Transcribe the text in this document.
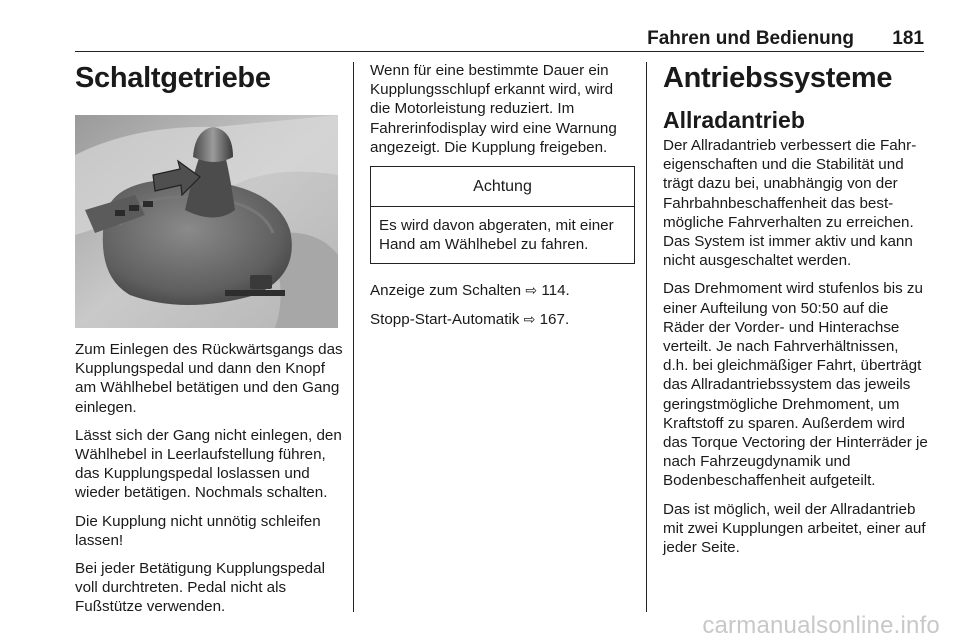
Fahren und Bedienung 181
Schaltgetriebe

Zum Einlegen des Rückwärtsgangs das Kupplungspedal und dann den Knopf am Wählhebel betätigen und den Gang einlegen.

Lässt sich der Gang nicht einlegen, den Wählhebel in Leerlaufstellung führen, das Kupplungspedal loslassen und wieder betätigen. Nochmals schalten.

Die Kupplung nicht unnötig schleifen lassen!

Bei jeder Betätigung Kupplungspedal voll durchtreten. Pedal nicht als Fußstütze verwenden.

Wenn für eine bestimmte Dauer ein Kupplungsschlupf erkannt wird, wird die Motorleistung reduziert. Im Fahrerinfodisplay wird eine Warnung angezeigt. Die Kupplung freigeben.

Achtung
Es wird davon abgeraten, mit einer Hand am Wählhebel zu fahren.

Anzeige zum Schalten ⇨ 114.

Stopp-Start-Automatik ⇨ 167.

Antriebssysteme
Allradantrieb

Der Allradantrieb verbessert die Fahreigenschaften und die Stabilität und trägt dazu bei, unabhängig von der Fahrbahnbeschaffenheit das bestmögliche Fahrverhalten zu erreichen. Das System ist immer aktiv und kann nicht ausgeschaltet werden.

Das Drehmoment wird stufenlos bis zu einer Aufteilung von 50:50 auf die Räder der Vorder- und Hinterachse verteilt. Je nach Fahrverhältnissen, d.h. bei gleichmäßiger Fahrt, überträgt das Allradantriebssystem das jeweils geringstmögliche Drehmoment, um Kraftstoff zu sparen. Außerdem wird das Torque Vectoring der Hinterräder je nach Fahrzeugdynamik und Bodenbeschaffenheit aufgeteilt.

Das ist möglich, weil der Allradantrieb mit zwei Kupplungen arbeitet, einer auf jeder Seite.

carmanualsonline.info
